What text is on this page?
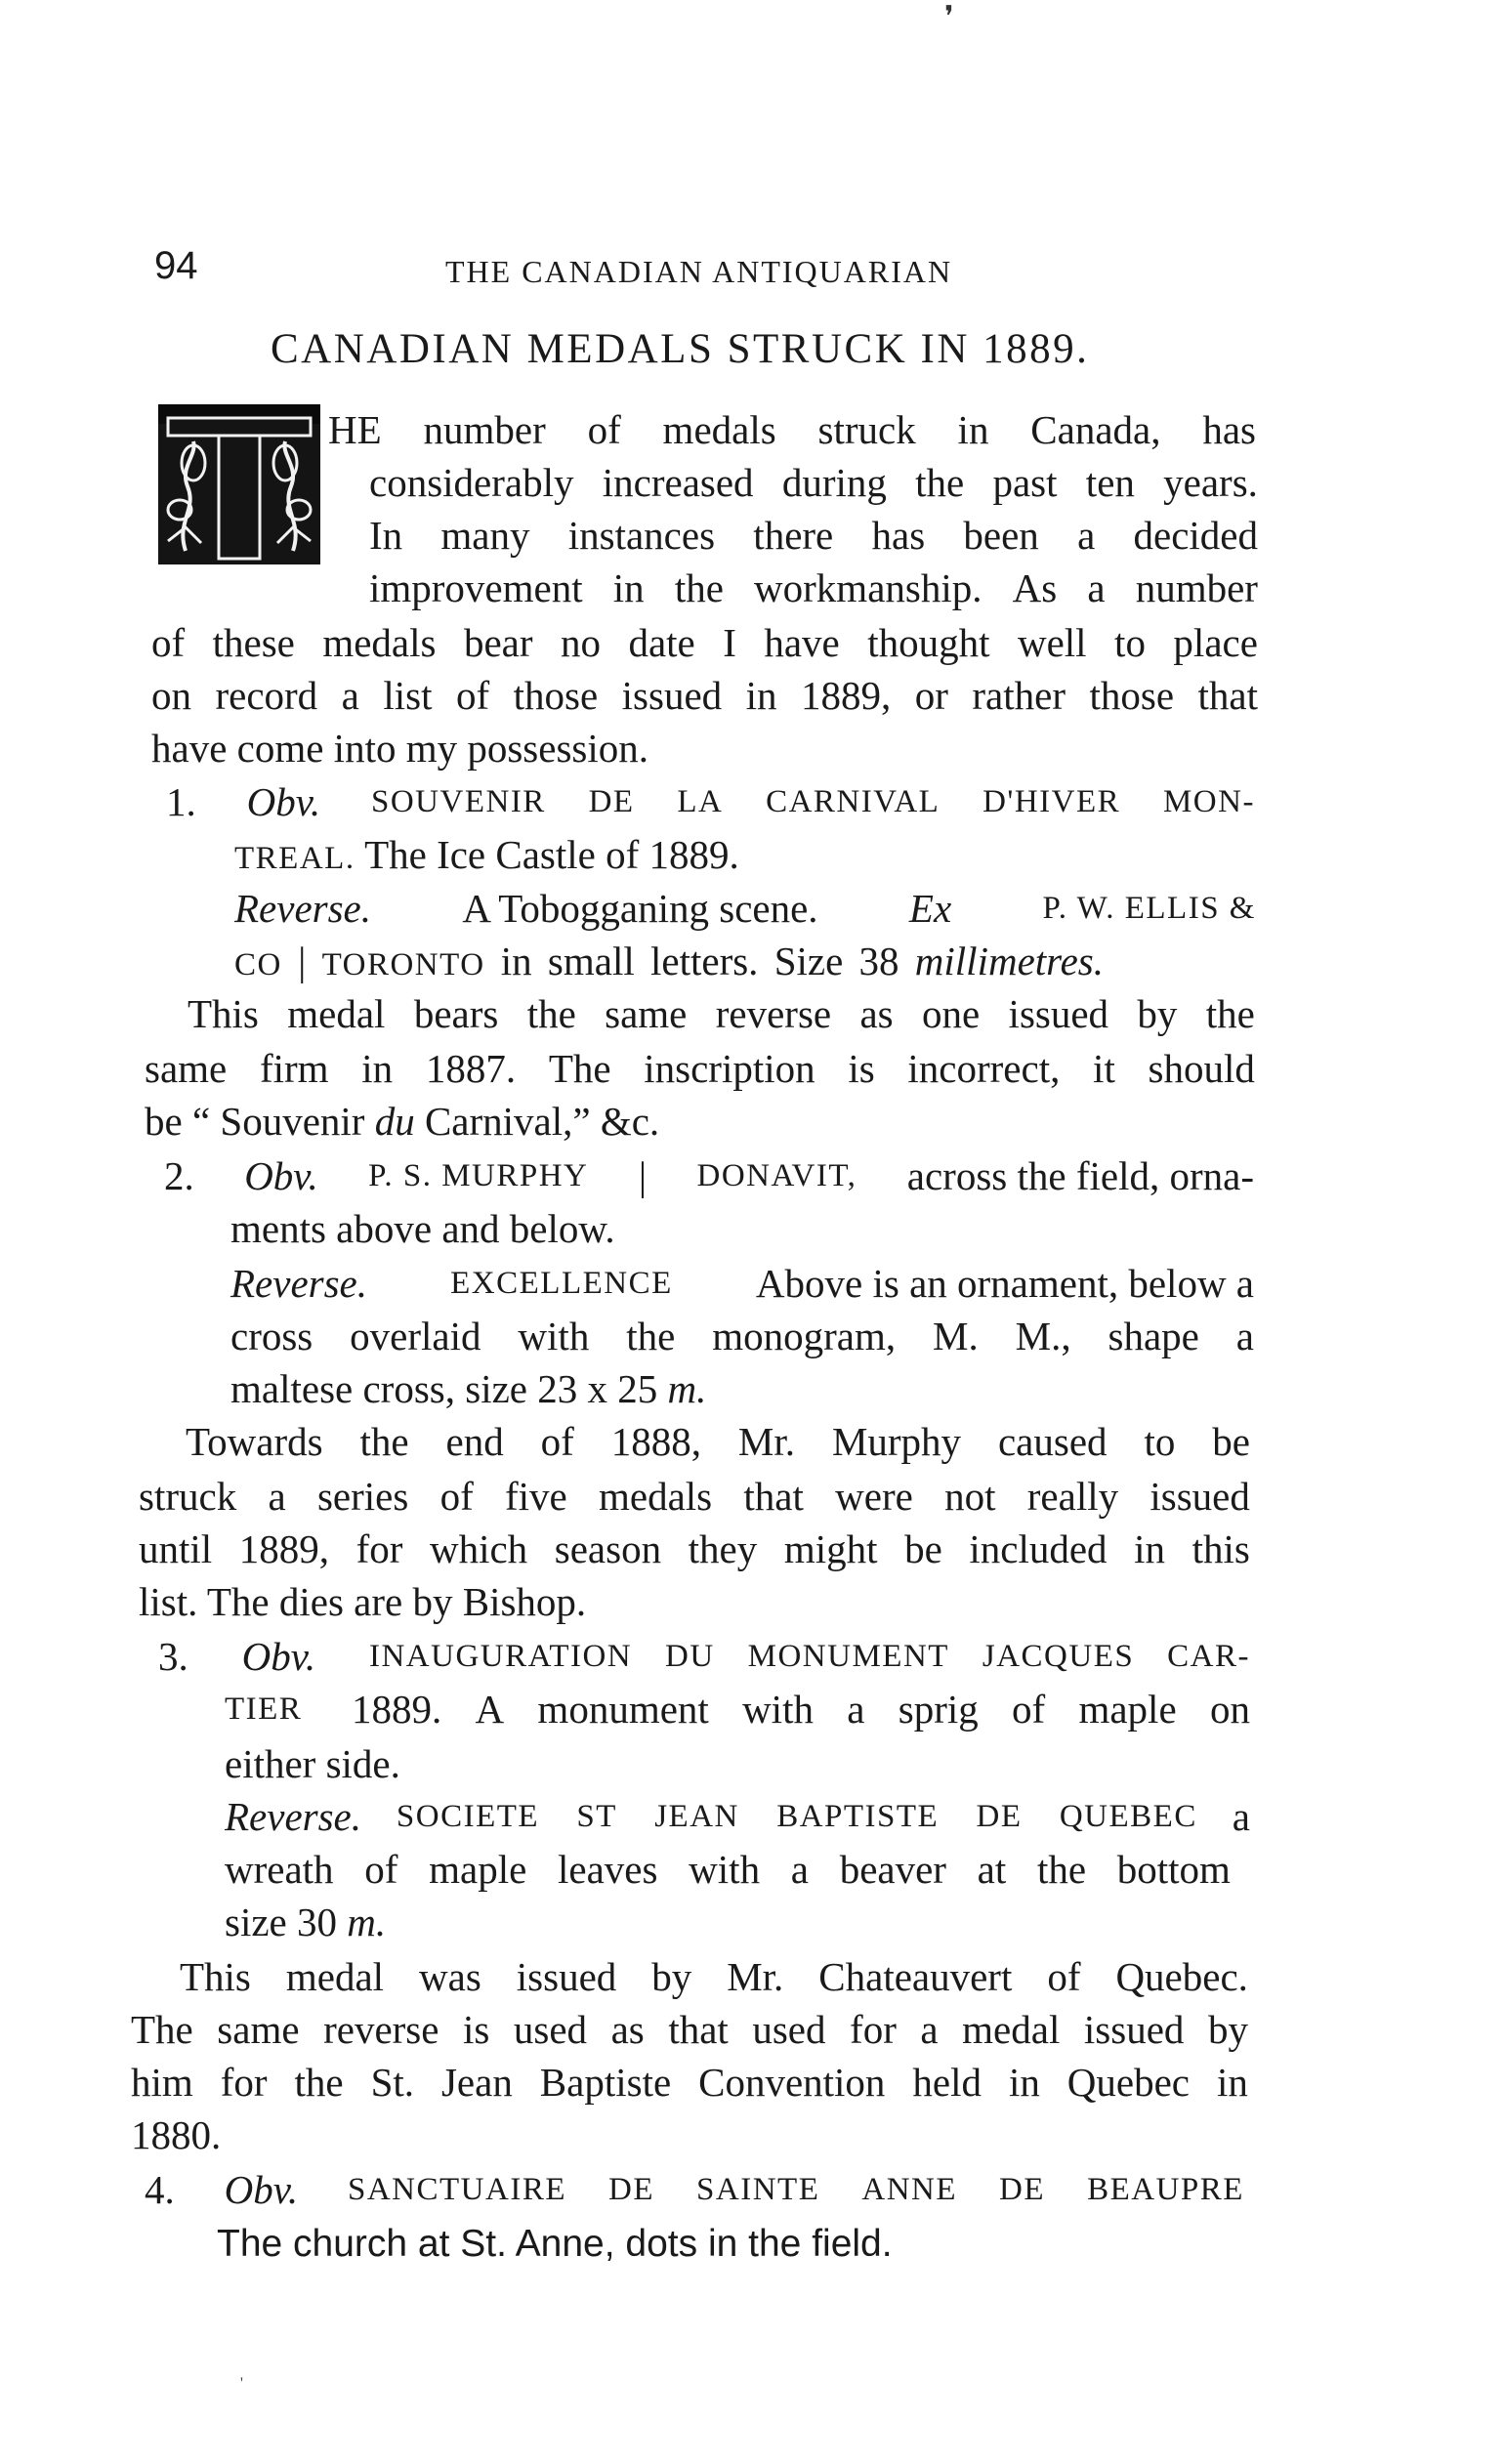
❜
94	THE CANADIAN ANTIQUARIAN
CANADIAN MEDALS STRUCK IN 1889.
HE number of medals struck in Canada, has
considerably increased during the past ten years.
In many instances there has been a decided
improvement in the workmanship. As a number
of these medals bear no date I have thought well to place
on record a list of those issued in 1889, or rather those that
have come into my possession.
1. Obv. SOUVENIR DE LA CARNIVAL D'HIVER MON-
TREAL. The Ice Castle of 1889.
Reverse. A Tobogganing scene. Ex	P. W. ELLIS &
CO | TORONTO in small letters. Size 38 millimetres.
This medal bears the same reverse as one issued by the
same firm in 1887. The inscription is incorrect, it should
be “ Souvenir du Carnival,” &c.
2. Obv. P. S. MURPHY | DONAVIT, across the field, orna-
ments above and below.
Reverse.	EXCELLENCE Above is an ornament, below a
cross overlaid with the monogram, M. M., shape a
maltese cross, size 23 x 25 m.
Towards the end of 1888, Mr. Murphy caused to be
struck a series of five medals that were not really issued
until 1889, for which season they might be included in this
list. The dies are by Bishop.
3. Obv. INAUGURATION DU MONUMENT JACQUES CAR-
TIER 1889. A monument with a sprig of maple on
either side.
Reverse. SOCIETE ST JEAN BAPTISTE DE QUEBEC a
wreath of maple leaves with a beaver at the bottom
size 30 m.
This medal was issued by Mr. Chateauvert of Quebec.
The same reverse is used as that used for a medal issued by
him for the St. Jean Baptiste Convention held in Quebec in
1880.
4. Obv. SANCTUAIRE DE SAINTE ANNE DE BEAUPRE
The church at St. Anne, dots in the field.
'
